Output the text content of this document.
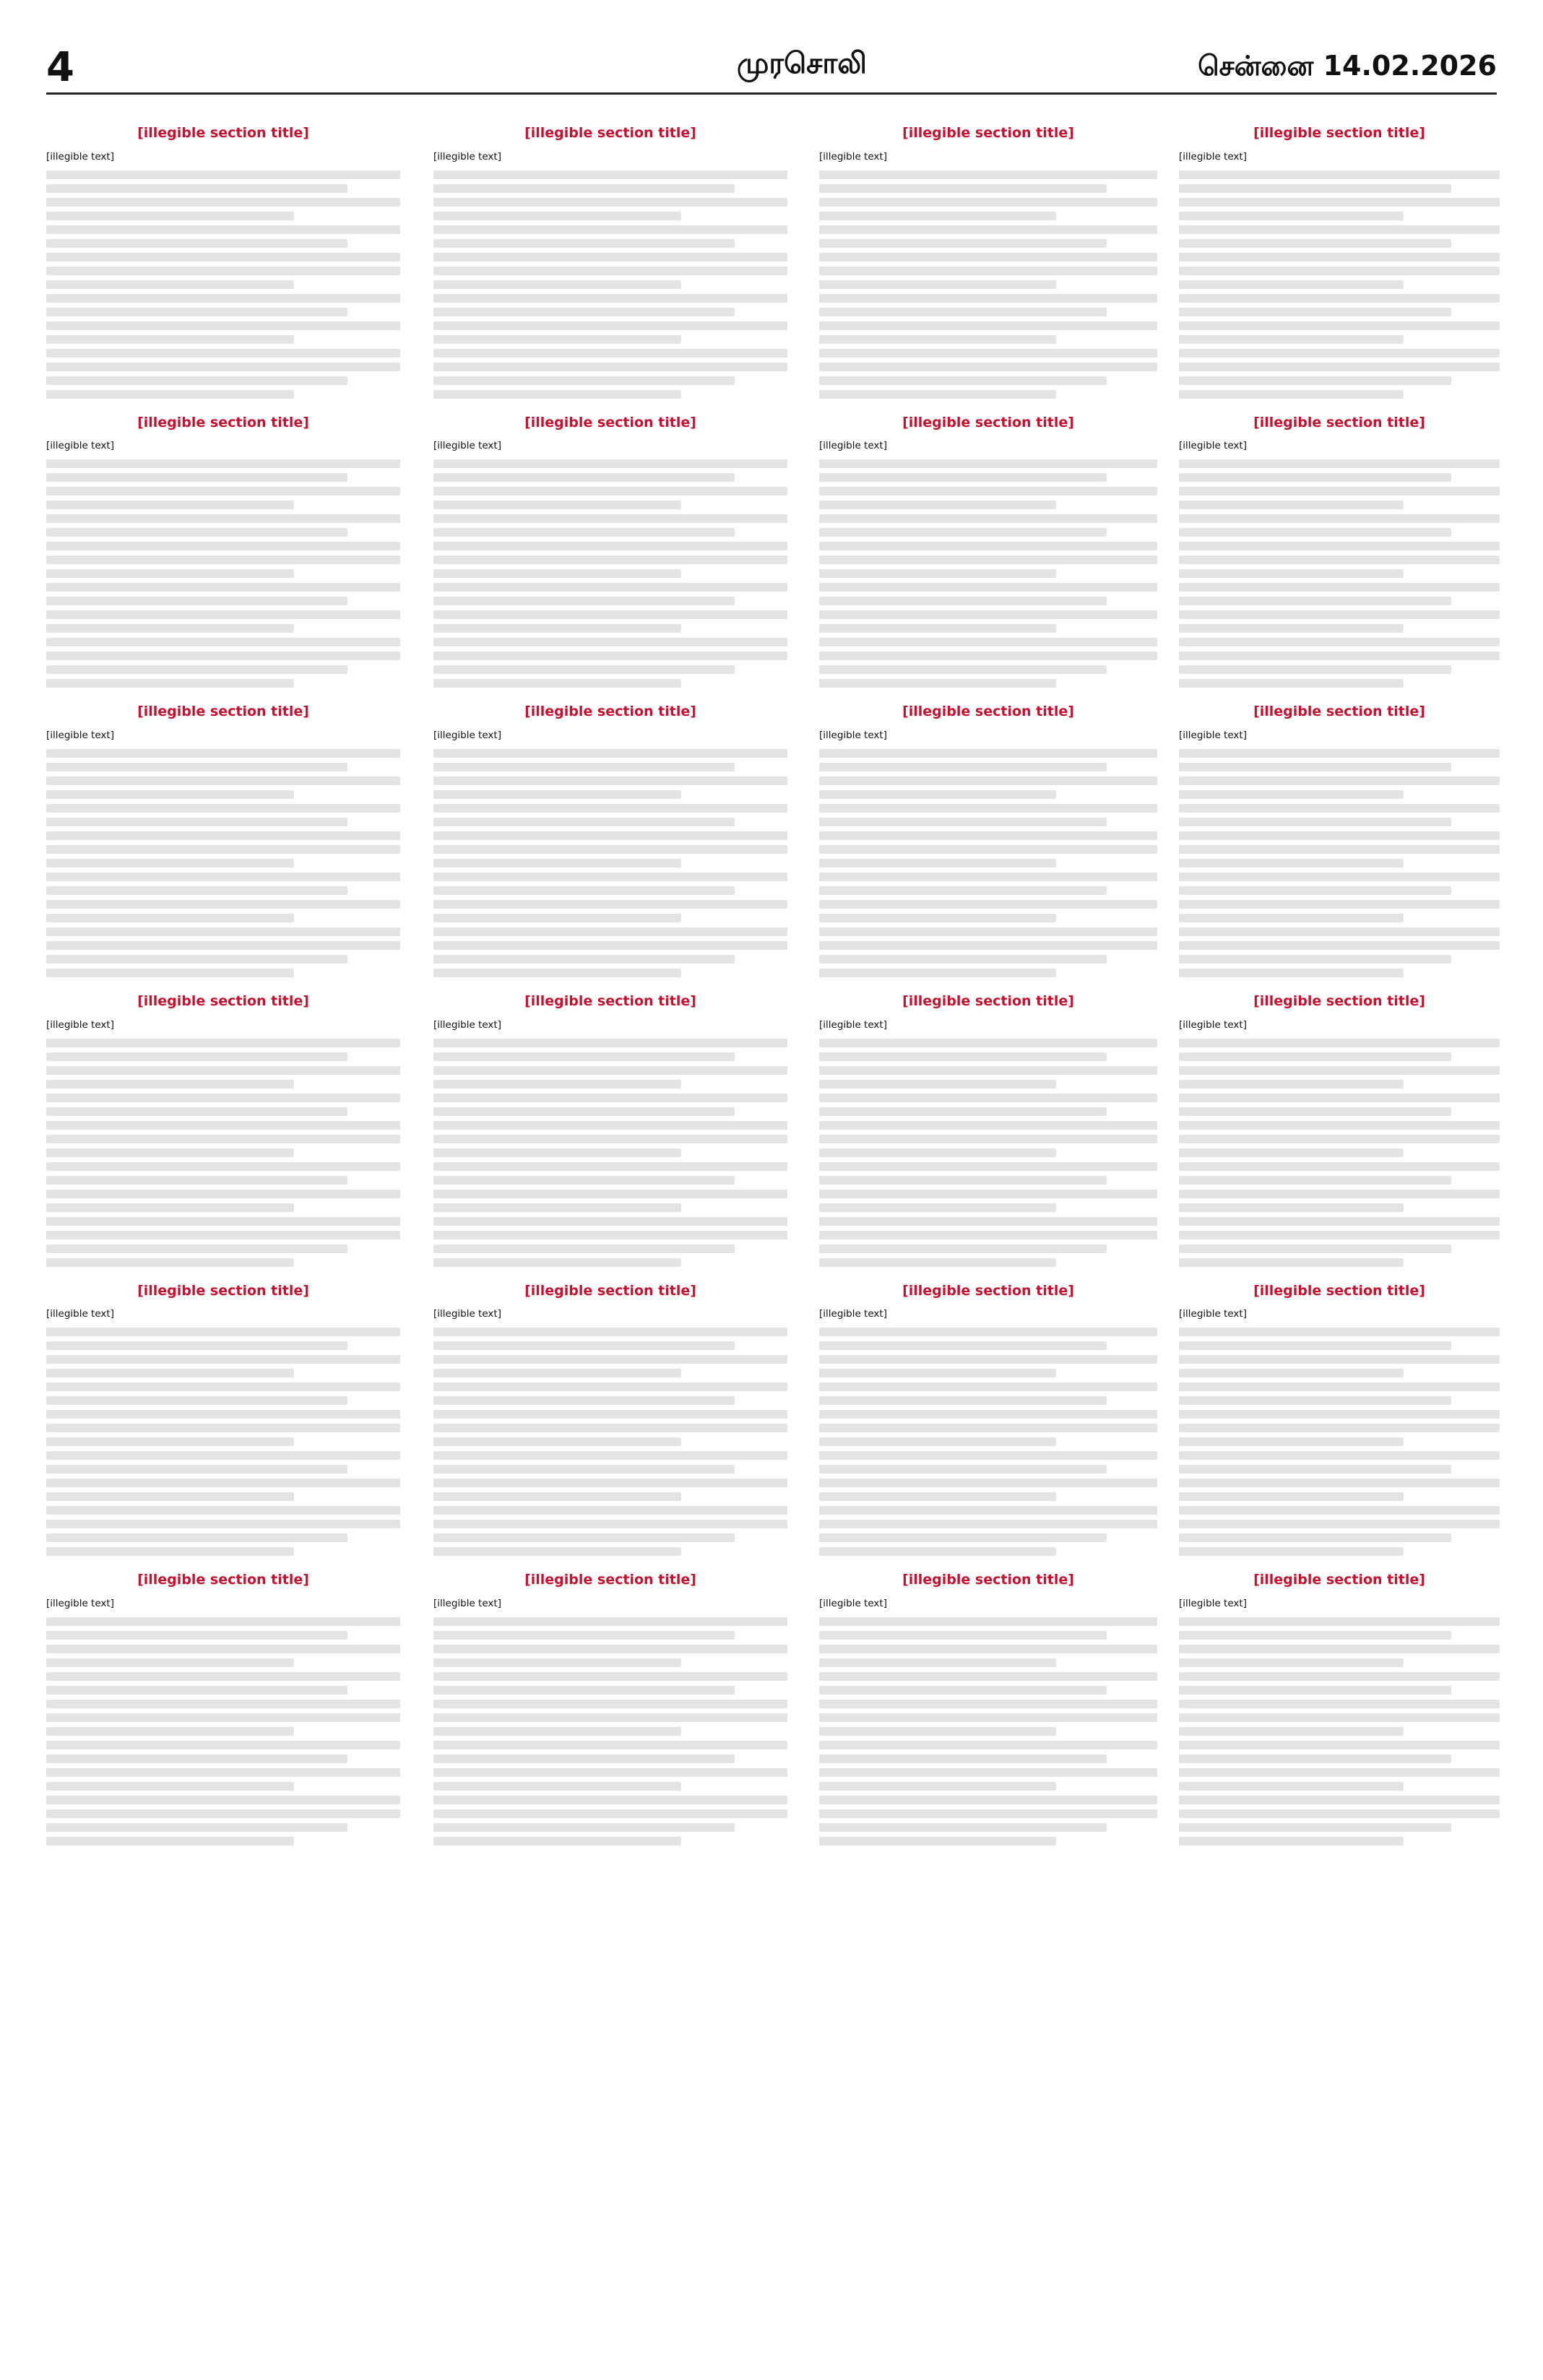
4	முரசொலி	சென்னை 14.02.2026
[illegible section title]

[illegible text]

[illegible section title]

[illegible text]

[illegible section title]

[illegible text]

[illegible section title]

[illegible text]

[illegible section title]

[illegible text]

[illegible section title]

[illegible text]

[illegible section title]

[illegible text]

[illegible section title]

[illegible text]

[illegible section title]

[illegible text]

[illegible section title]

[illegible text]

[illegible section title]

[illegible text]

[illegible section title]

[illegible text]

[illegible section title]

[illegible text]

[illegible section title]

[illegible text]

[illegible section title]

[illegible text]

[illegible section title]

[illegible text]

[illegible section title]

[illegible text]

[illegible section title]

[illegible text]

[illegible section title]

[illegible text]

[illegible section title]

[illegible text]

[illegible section title]

[illegible text]

[illegible section title]

[illegible text]

[illegible section title]

[illegible text]

[illegible section title]

[illegible text]
